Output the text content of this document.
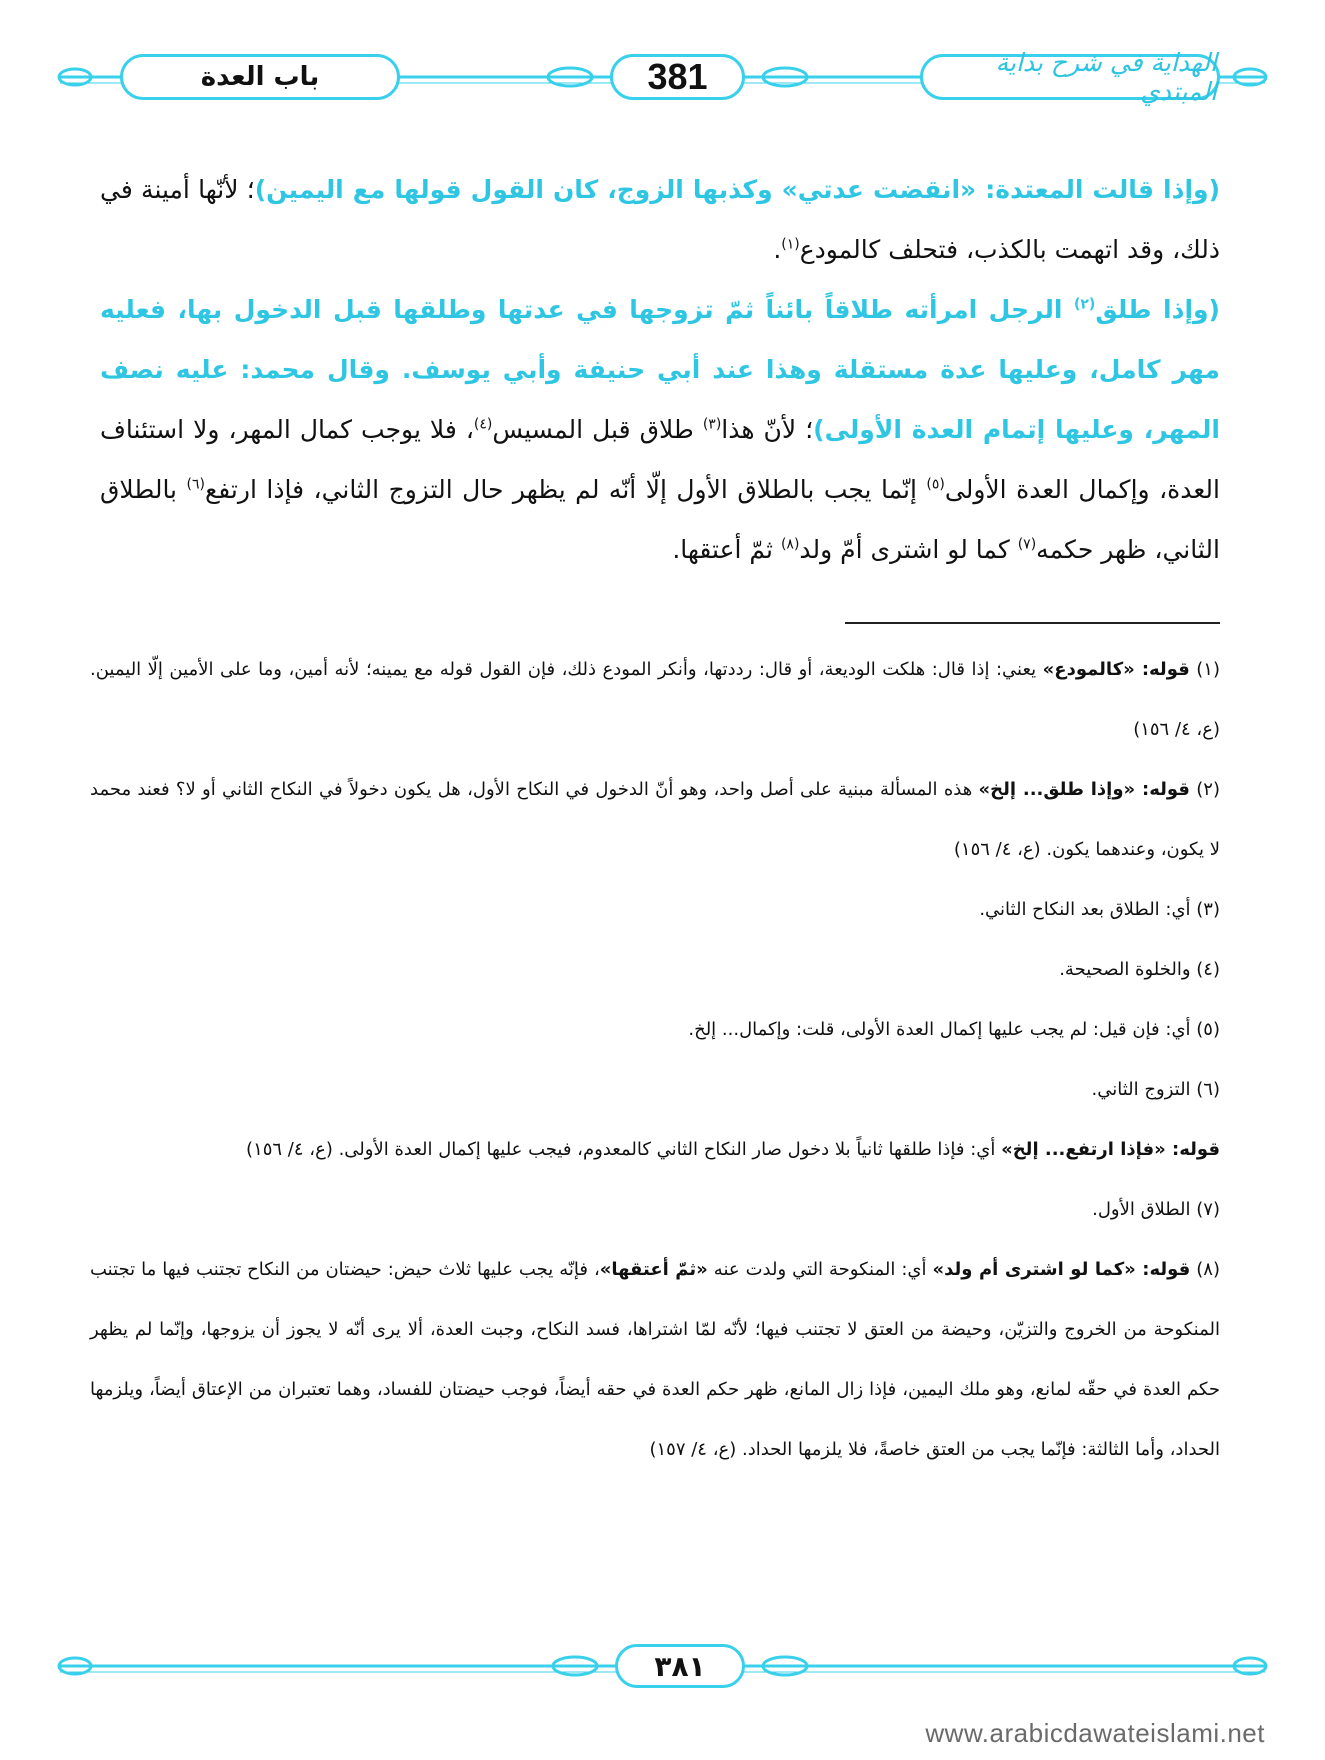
باب العدة	381	الهداية في شرح بداية المبتدي

(وإذا قالت المعتدة: «انقضت عدتي» وكذبها الزوج، كان القول قولها مع اليمين)؛ لأنّها أمينة في ذلك، وقد اتهمت بالكذب، فتحلف كالمودع$^{(١)}$.

(وإذا طلق$^{(٢)}$ الرجل امرأته طلاقاً بائناً ثمّ تزوجها في عدتها وطلقها قبل الدخول بها، فعليه مهر كامل، وعليها عدة مستقلة وهذا عند أبي حنيفة وأبي يوسف. وقال محمد: عليه نصف المهر، وعليها إتمام العدة الأولى)؛ لأنّ هذا$^{(٣)}$ طلاق قبل المسيس$^{(٤)}$، فلا يوجب كمال المهر، ولا استئناف العدة، وإكمال العدة الأولى$^{(٥)}$ إنّما يجب بالطلاق الأول إلّا أنّه لم يظهر حال التزوج الثاني، فإذا ارتفع$^{(٦)}$ بالطلاق الثاني، ظهر حكمه$^{(٧)}$ كما لو اشترى أمّ ولد$^{(٨)}$ ثمّ أعتقها.

(١) قوله: «كالمودع» يعني: إذا قال: هلكت الوديعة، أو قال: رددتها، وأنكر المودع ذلك، فإن القول قوله مع يمينه؛ لأنه أمين، وما على الأمين إلّا اليمين. (ع، ٤/ ١٥٦)
(٢) قوله: «وإذا طلق... إلخ» هذه المسألة مبنية على أصل واحد، وهو أنّ الدخول في النكاح الأول، هل يكون دخولاً في النكاح الثاني أو لا؟ فعند محمد لا يكون، وعندهما يكون. (ع، ٤/ ١٥٦)
(٣) أي: الطلاق بعد النكاح الثاني.
(٤) والخلوة الصحيحة.
(٥) أي: فإن قيل: لم يجب عليها إكمال العدة الأولى، قلت: وإكمال... إلخ.
(٦) التزوج الثاني.
قوله: «فإذا ارتفع... إلخ» أي: فإذا طلقها ثانياً بلا دخول صار النكاح الثاني كالمعدوم، فيجب عليها إكمال العدة الأولى. (ع، ٤/ ١٥٦)
(٧) الطلاق الأول.
(٨) قوله: «كما لو اشترى أم ولد» أي: المنكوحة التي ولدت عنه «ثمّ أعتقها»، فإنّه يجب عليها ثلاث حيض: حيضتان من النكاح تجتنب فيها ما تجتنب المنكوحة من الخروج والتزيّن، وحيضة من العتق لا تجتنب فيها؛ لأنّه لمّا اشتراها، فسد النكاح، وجبت العدة، ألا يرى أنّه لا يجوز أن يزوجها، وإنّما لم يظهر حكم العدة في حقّه لمانع، وهو ملك اليمين، فإذا زال المانع، ظهر حكم العدة في حقه أيضاً، فوجب حيضتان للفساد، وهما تعتبران من الإعتاق أيضاً، ويلزمها الحداد، وأما الثالثة: فإنّما يجب من العتق خاصةً، فلا يلزمها الحداد. (ع، ٤/ ١٥٧)
٣٨١
www.arabicdawateislami.net
